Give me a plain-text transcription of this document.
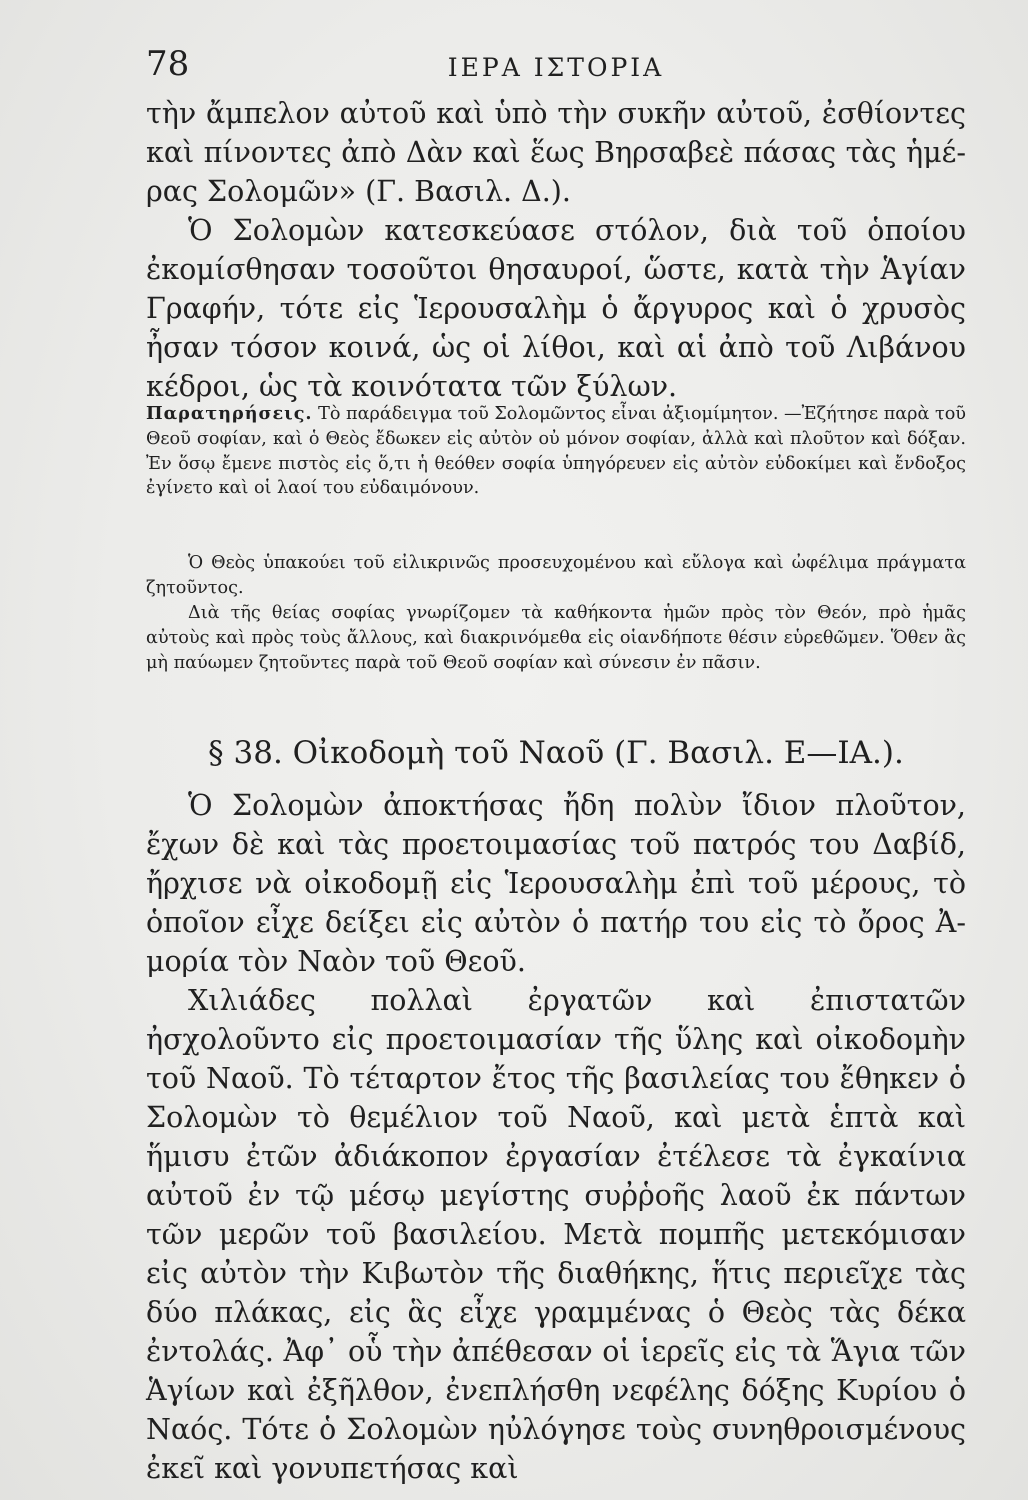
78	ΙΕΡΑ ΙΣΤΟΡΙΑ

τὴν ἄμπελον αὐτοῦ καὶ ὑπὸ τὴν συκῆν αὐτοῦ, ἐσθίοντες καὶ πίνοντες ἀπὸ Δὰν καὶ ἕως Βηρσαβεὲ πάσας τὰς ἡμέρας Σολομῶν» (Γ. Βασιλ. Δ.).

Ὁ Σολομὼν κατεσκεύασε στόλον, διὰ τοῦ ὁποίου ἐκομίσθησαν τοσοῦτοι θησαυροί, ὥστε, κατὰ τὴν Ἁγίαν Γραφήν, τότε εἰς Ἱερουσαλὴμ ὁ ἄργυρος καὶ ὁ χρυσὸς ἦσαν τόσον κοινά, ὡς οἱ λίθοι, καὶ αἱ ἀπὸ τοῦ Λιβάνου κέδροι, ὡς τὰ κοινότατα τῶν ξύλων.

Παρατηρήσεις. Τὸ παράδειγμα τοῦ Σολομῶντος εἶναι ἀξιομίμητον. —Ἐζήτησε παρὰ τοῦ Θεοῦ σοφίαν, καὶ ὁ Θεὸς ἔδωκεν εἰς αὐτὸν οὐ μόνον σοφίαν, ἀλλὰ καὶ πλοῦτον καὶ δόξαν. Ἐν ὅσῳ ἔμενε πιστὸς εἰς ὅ,τι ἡ θεόθεν σοφία ὑπηγόρευεν εἰς αὐτὸν εὐδοκίμει καὶ ἔνδοξος ἐγίνετο καὶ οἱ λαοί του εὐδαιμόνουν.

Ὁ Θεὸς ὑπακούει τοῦ εἰλικρινῶς προσευχομένου καὶ εὔλογα καὶ ὠφέλιμα πράγματα ζητοῦντος.

Διὰ τῆς θείας σοφίας γνωρίζομεν τὰ καθήκοντα ἡμῶν πρὸς τὸν Θεόν, πρὸ ἡμᾶς αὐτοὺς καὶ πρὸς τοὺς ἄλλους, καὶ διακρινόμεθα εἰς οἱανδήποτε θέσιν εὑρεθῶμεν. Ὅθεν ἂς μὴ παύωμεν ζητοῦντες παρὰ τοῦ Θεοῦ σοφίαν καὶ σύνεσιν ἐν πᾶσιν.

§ 38. Οἰκοδομὴ τοῦ Ναοῦ (Γ. Βασιλ. Ε—ΙΑ.).

Ὁ Σολομὼν ἀποκτήσας ἤδη πολὺν ἴδιον πλοῦτον, ἔχων δὲ καὶ τὰς προετοιμασίας τοῦ πατρός του Δαβίδ, ἤρχισε νὰ οἰκοδομῇ εἰς Ἱερουσαλὴμ ἐπὶ τοῦ μέρους, τὸ ὁποῖον εἶχε δείξει εἰς αὐτὸν ὁ πατήρ του εἰς τὸ ὄρος Ἀμορία τὸν Ναὸν τοῦ Θεοῦ.

Χιλιάδες πολλαὶ ἐργατῶν καὶ ἐπιστατῶν ἠσχολοῦντο εἰς προετοιμασίαν τῆς ὕλης καὶ οἰκοδομὴν τοῦ Ναοῦ. Τὸ τέταρτον ἔτος τῆς βασιλείας του ἔθηκεν ὁ Σολομὼν τὸ θεμέλιον τοῦ Ναοῦ, καὶ μετὰ ἑπτὰ καὶ ἥμισυ ἐτῶν ἀδιάκοπον ἐργασίαν ἐτέλεσε τὰ ἐγκαίνια αὐτοῦ ἐν τῷ μέσῳ μεγίστης συῤῥοῆς λαοῦ ἐκ πάντων τῶν μερῶν τοῦ βασιλείου. Μετὰ πομπῆς μετεκόμισαν εἰς αὐτὸν τὴν Κιβωτὸν τῆς διαθήκης, ἥτις περιεῖχε τὰς δύο πλάκας, εἰς ἃς εἶχε γραμμένας ὁ Θεὸς τὰς δέκα ἐντολάς. Ἀφ᾽ οὗ τὴν ἀπέθεσαν οἱ ἱερεῖς εἰς τὰ Ἅγια τῶν Ἁγίων καὶ ἐξῆλθον, ἐνεπλήσθη νεφέλης δόξης Κυρίου ὁ Ναός. Τότε ὁ Σολομὼν ηὐλόγησε τοὺς συνηθροισμένους ἐκεῖ καὶ γονυπετήσας καὶ
